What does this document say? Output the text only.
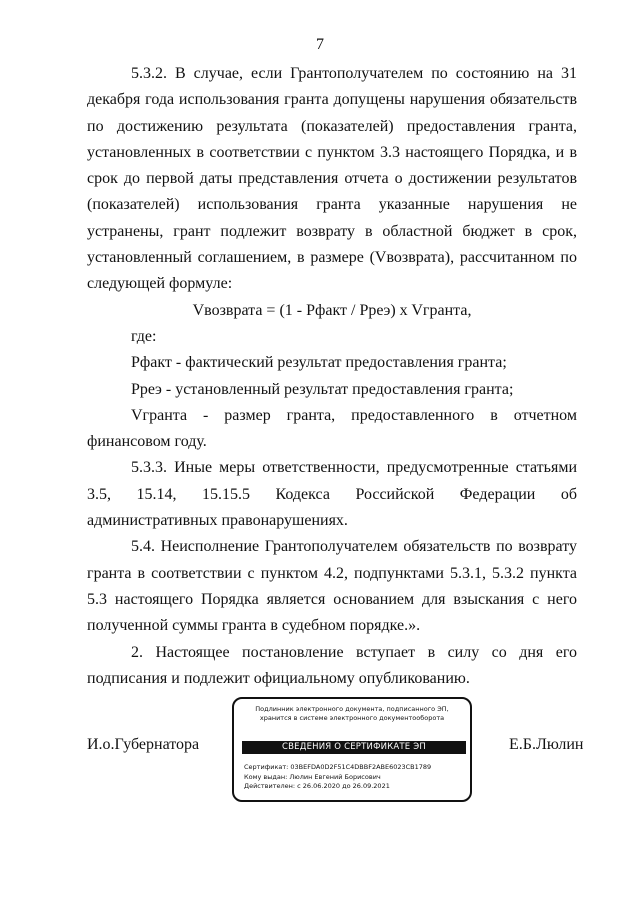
7

5.3.2. В случае, если Грантополучателем по состоянию на 31 декабря года использования гранта допущены нарушения обязательств по достижению результата (показателей) предоставления гранта, установленных в соответствии с пунктом 3.3 настоящего Порядка, и в срок до первой даты представления отчета о достижении результатов (показателей) использования гранта указанные нарушения не устранены, грант подлежит возврату в областной бюджет в срок, установленный соглашением, в размере (Vвозврата), рассчитанном по следующей формуле:

Vвозврата = (1 - Рфакт / Рреэ) x Vгранта,

где:

Рфакт - фактический результат предоставления гранта;

Рреэ - установленный результат предоставления гранта;

Vгранта - размер гранта, предоставленного в отчетном финансовом году.

5.3.3. Иные меры ответственности, предусмотренные статьями 3.5, 15.14, 15.15.5 Кодекса Российской Федерации об административных правонарушениях.

5.4. Неисполнение Грантополучателем обязательств по возврату гранта в соответствии с пунктом 4.2, подпунктами 5.3.1, 5.3.2 пункта 5.3 настоящего Порядка является основанием для взыскания с него полученной суммы гранта в судебном порядке.».

2. Настоящее постановление вступает в силу со дня его подписания и подлежит официальному опубликованию.

И.о.Губернатора
Подлинник электронного документа, подписанного ЭП,
хранится в системе электронного документооборота
СВЕДЕНИЯ О СЕРТИФИКАТЕ ЭП
Сертификат: 03BEFDA0D2F51C4DBBF2ABE6023CB1789
Кому выдан: Люлин Евгений Борисович
Действителен: с 26.06.2020 до 26.09.2021
Е.Б.Люлин
